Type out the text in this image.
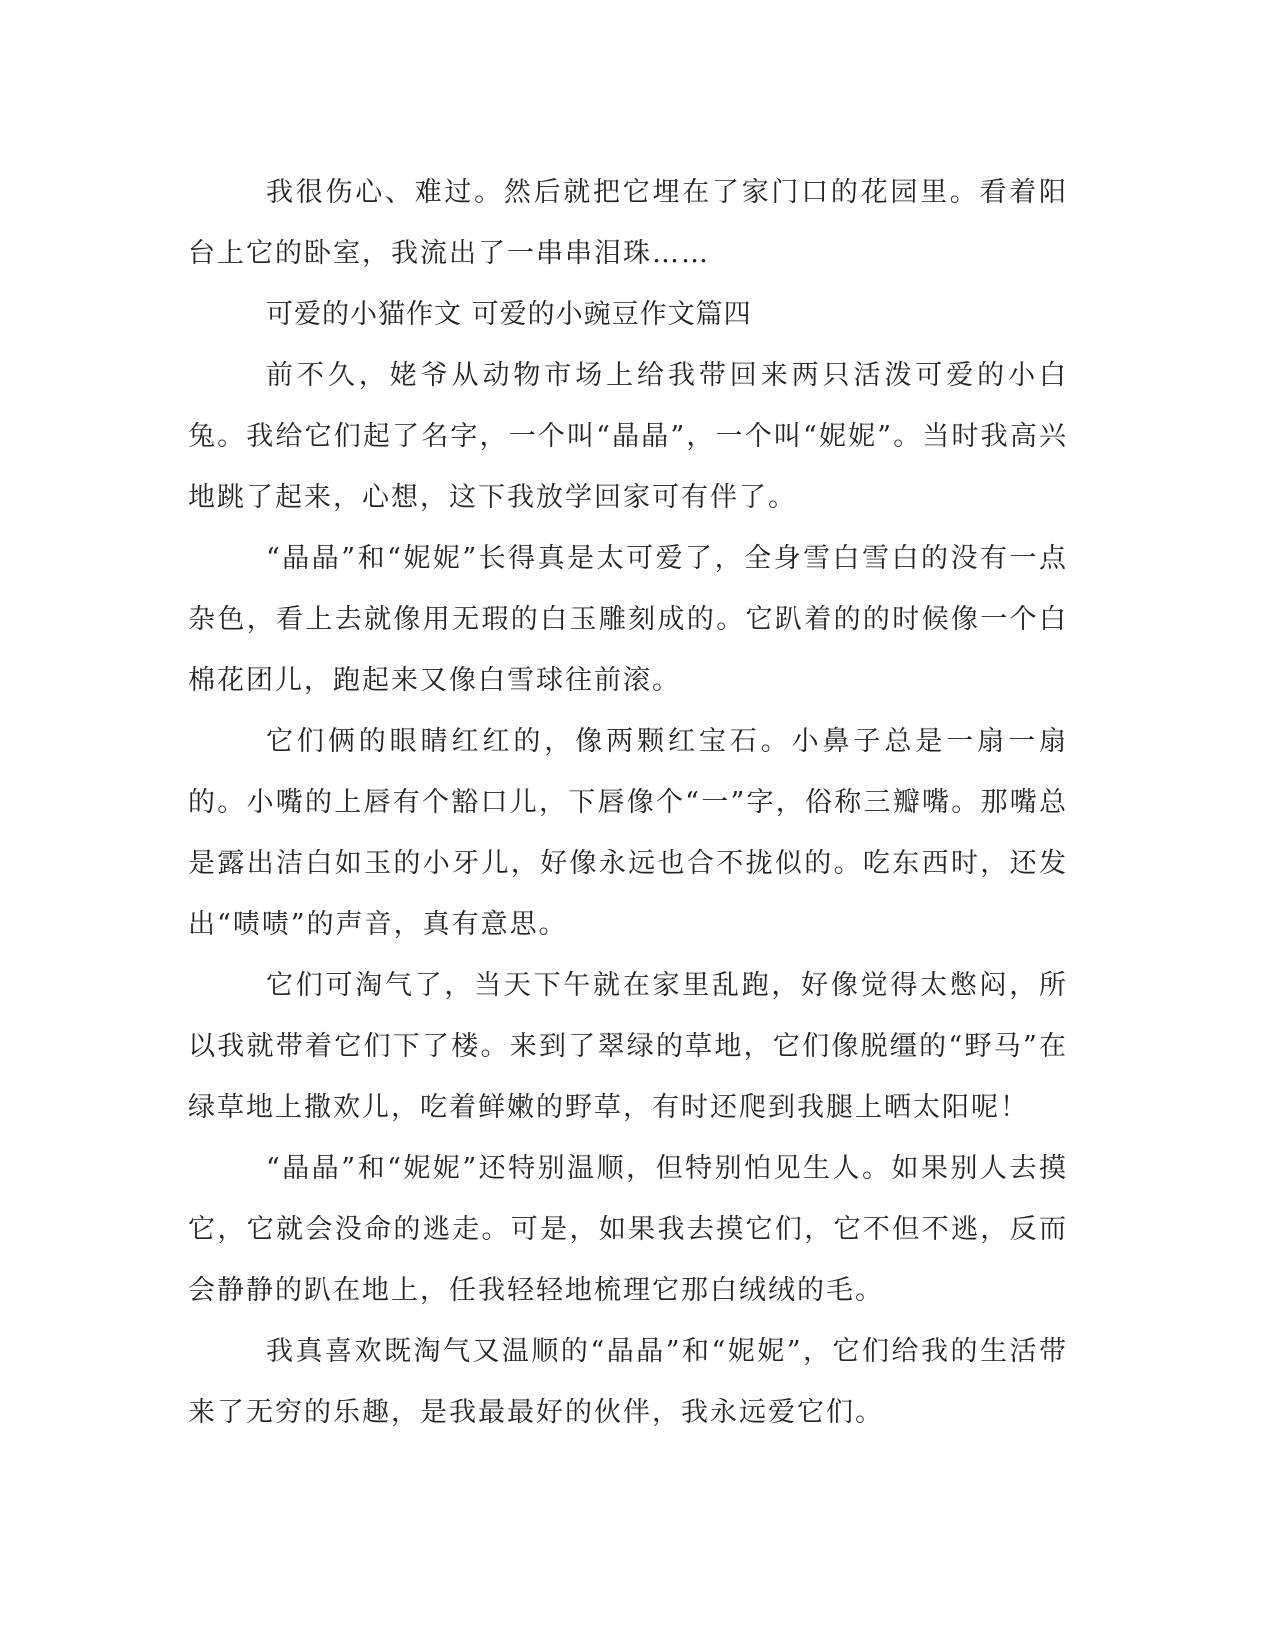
我很伤心、难过。然后就把它埋在了家门口的花园里。看着阳台上它的卧室，我流出了一串串泪珠……

可爱的小猫作文 可爱的小豌豆作文篇四

前不久，姥爷从动物市场上给我带回来两只活泼可爱的小白兔。我给它们起了名字，一个叫“晶晶”，一个叫“妮妮”。当时我高兴地跳了起来，心想，这下我放学回家可有伴了。

“晶晶”和“妮妮”长得真是太可爱了，全身雪白雪白的没有一点杂色，看上去就像用无瑕的白玉雕刻成的。它趴着的的时候像一个白棉花团儿，跑起来又像白雪球往前滚。

它们俩的眼睛红红的，像两颗红宝石。小鼻子总是一扇一扇的。小嘴的上唇有个豁口儿，下唇像个“一”字，俗称三瓣嘴。那嘴总是露出洁白如玉的小牙儿，好像永远也合不拢似的。吃东西时，还发出“啧啧”的声音，真有意思。

它们可淘气了，当天下午就在家里乱跑，好像觉得太憋闷，所以我就带着它们下了楼。来到了翠绿的草地，它们像脱缰的“野马”在绿草地上撒欢儿，吃着鲜嫩的野草，有时还爬到我腿上晒太阳呢！

“晶晶”和“妮妮”还特别温顺，但特别怕见生人。如果别人去摸它，它就会没命的逃走。可是，如果我去摸它们，它不但不逃，反而会静静的趴在地上，任我轻轻地梳理它那白绒绒的毛。

我真喜欢既淘气又温顺的“晶晶”和“妮妮”，它们给我的生活带来了无穷的乐趣，是我最最好的伙伴，我永远爱它们。
